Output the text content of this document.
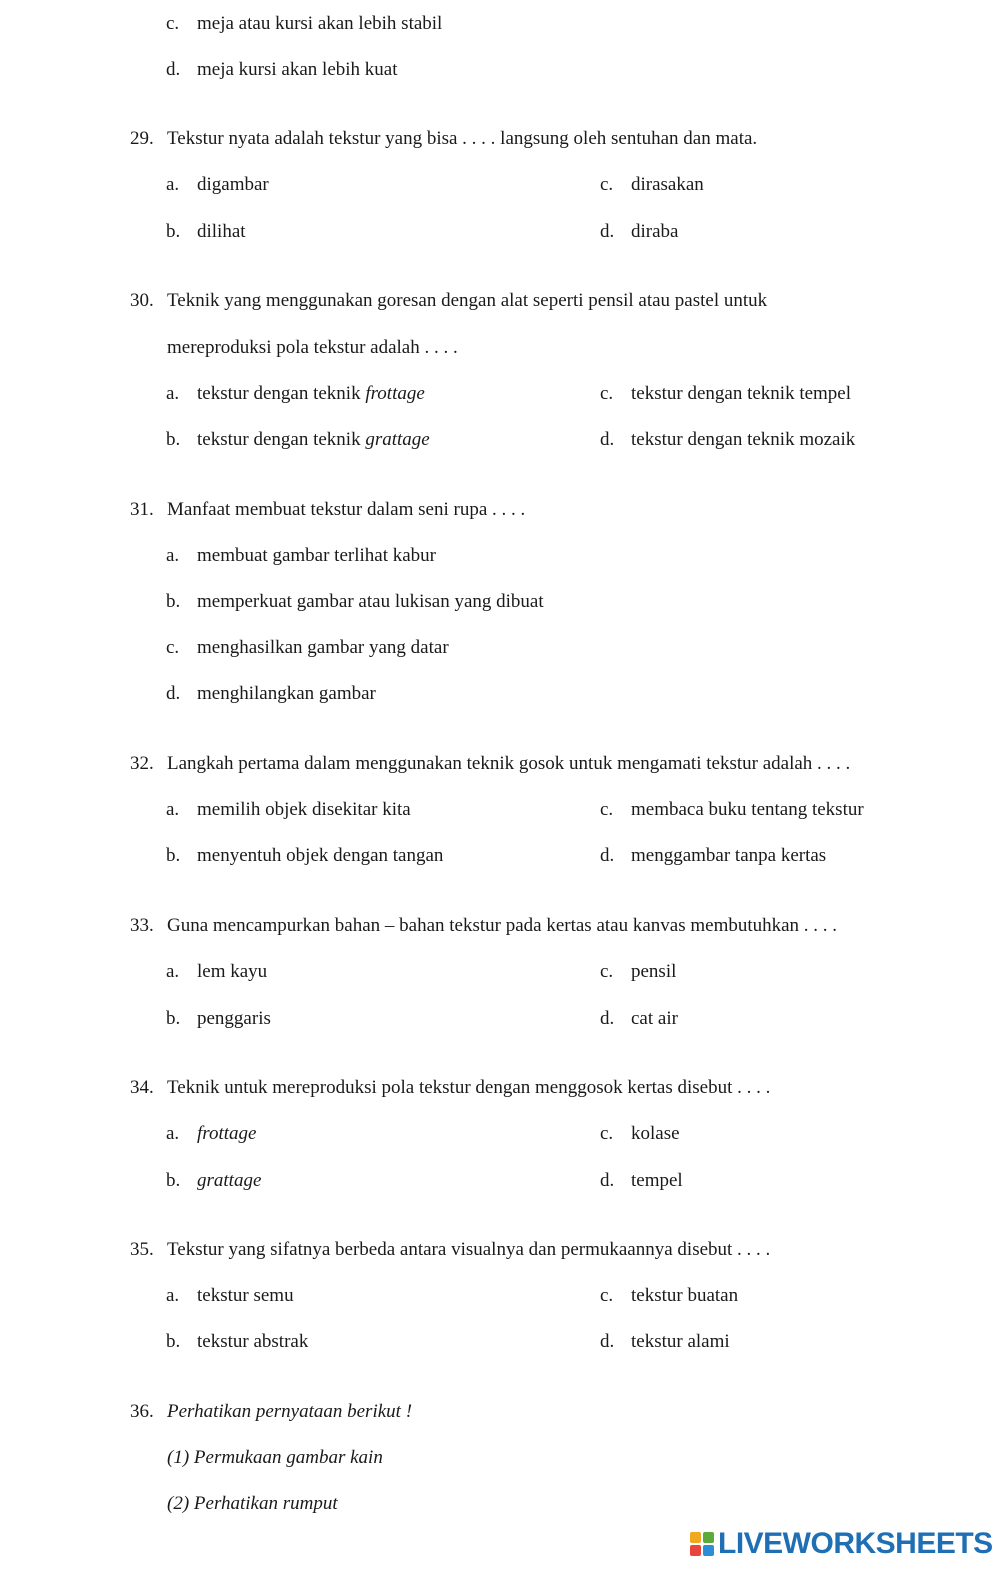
c. meja atau kursi akan lebih stabil
d. meja kursi akan lebih kuat
29. Tekstur nyata adalah tekstur yang bisa . . . . langsung oleh sentuhan dan mata.
a. digambar	c. dirasakan
b. dilihat	d. diraba
30. Teknik yang menggunakan goresan dengan alat seperti pensil atau pastel untuk
mereproduksi pola tekstur adalah . . . .
a. tekstur dengan teknik frottage	c. tekstur dengan teknik tempel
b. tekstur dengan teknik grattage	d. tekstur dengan teknik mozaik
31. Manfaat membuat tekstur dalam seni rupa . . . .
a. membuat gambar terlihat kabur
b. memperkuat gambar atau lukisan yang dibuat
c. menghasilkan gambar yang datar
d. menghilangkan gambar
32. Langkah pertama dalam menggunakan teknik gosok untuk mengamati tekstur adalah . . . .
a. memilih objek disekitar kita	c. membaca buku tentang tekstur
b. menyentuh objek dengan tangan	d. menggambar tanpa kertas
33. Guna mencampurkan bahan – bahan tekstur pada kertas atau kanvas membutuhkan . . . .
a. lem kayu	c. pensil
b. penggaris	d. cat air
34. Teknik untuk mereproduksi pola tekstur dengan menggosok kertas disebut . . . .
a. frottage	c. kolase
b. grattage	d. tempel
35. Tekstur yang sifatnya berbeda antara visualnya dan permukaannya disebut . . . .
a. tekstur semu	c. tekstur buatan
b. tekstur abstrak	d. tekstur alami
36. Perhatikan pernyataan berikut !
(1) Permukaan gambar kain
(2) Perhatikan rumput
LIVEWORKSHEETS
